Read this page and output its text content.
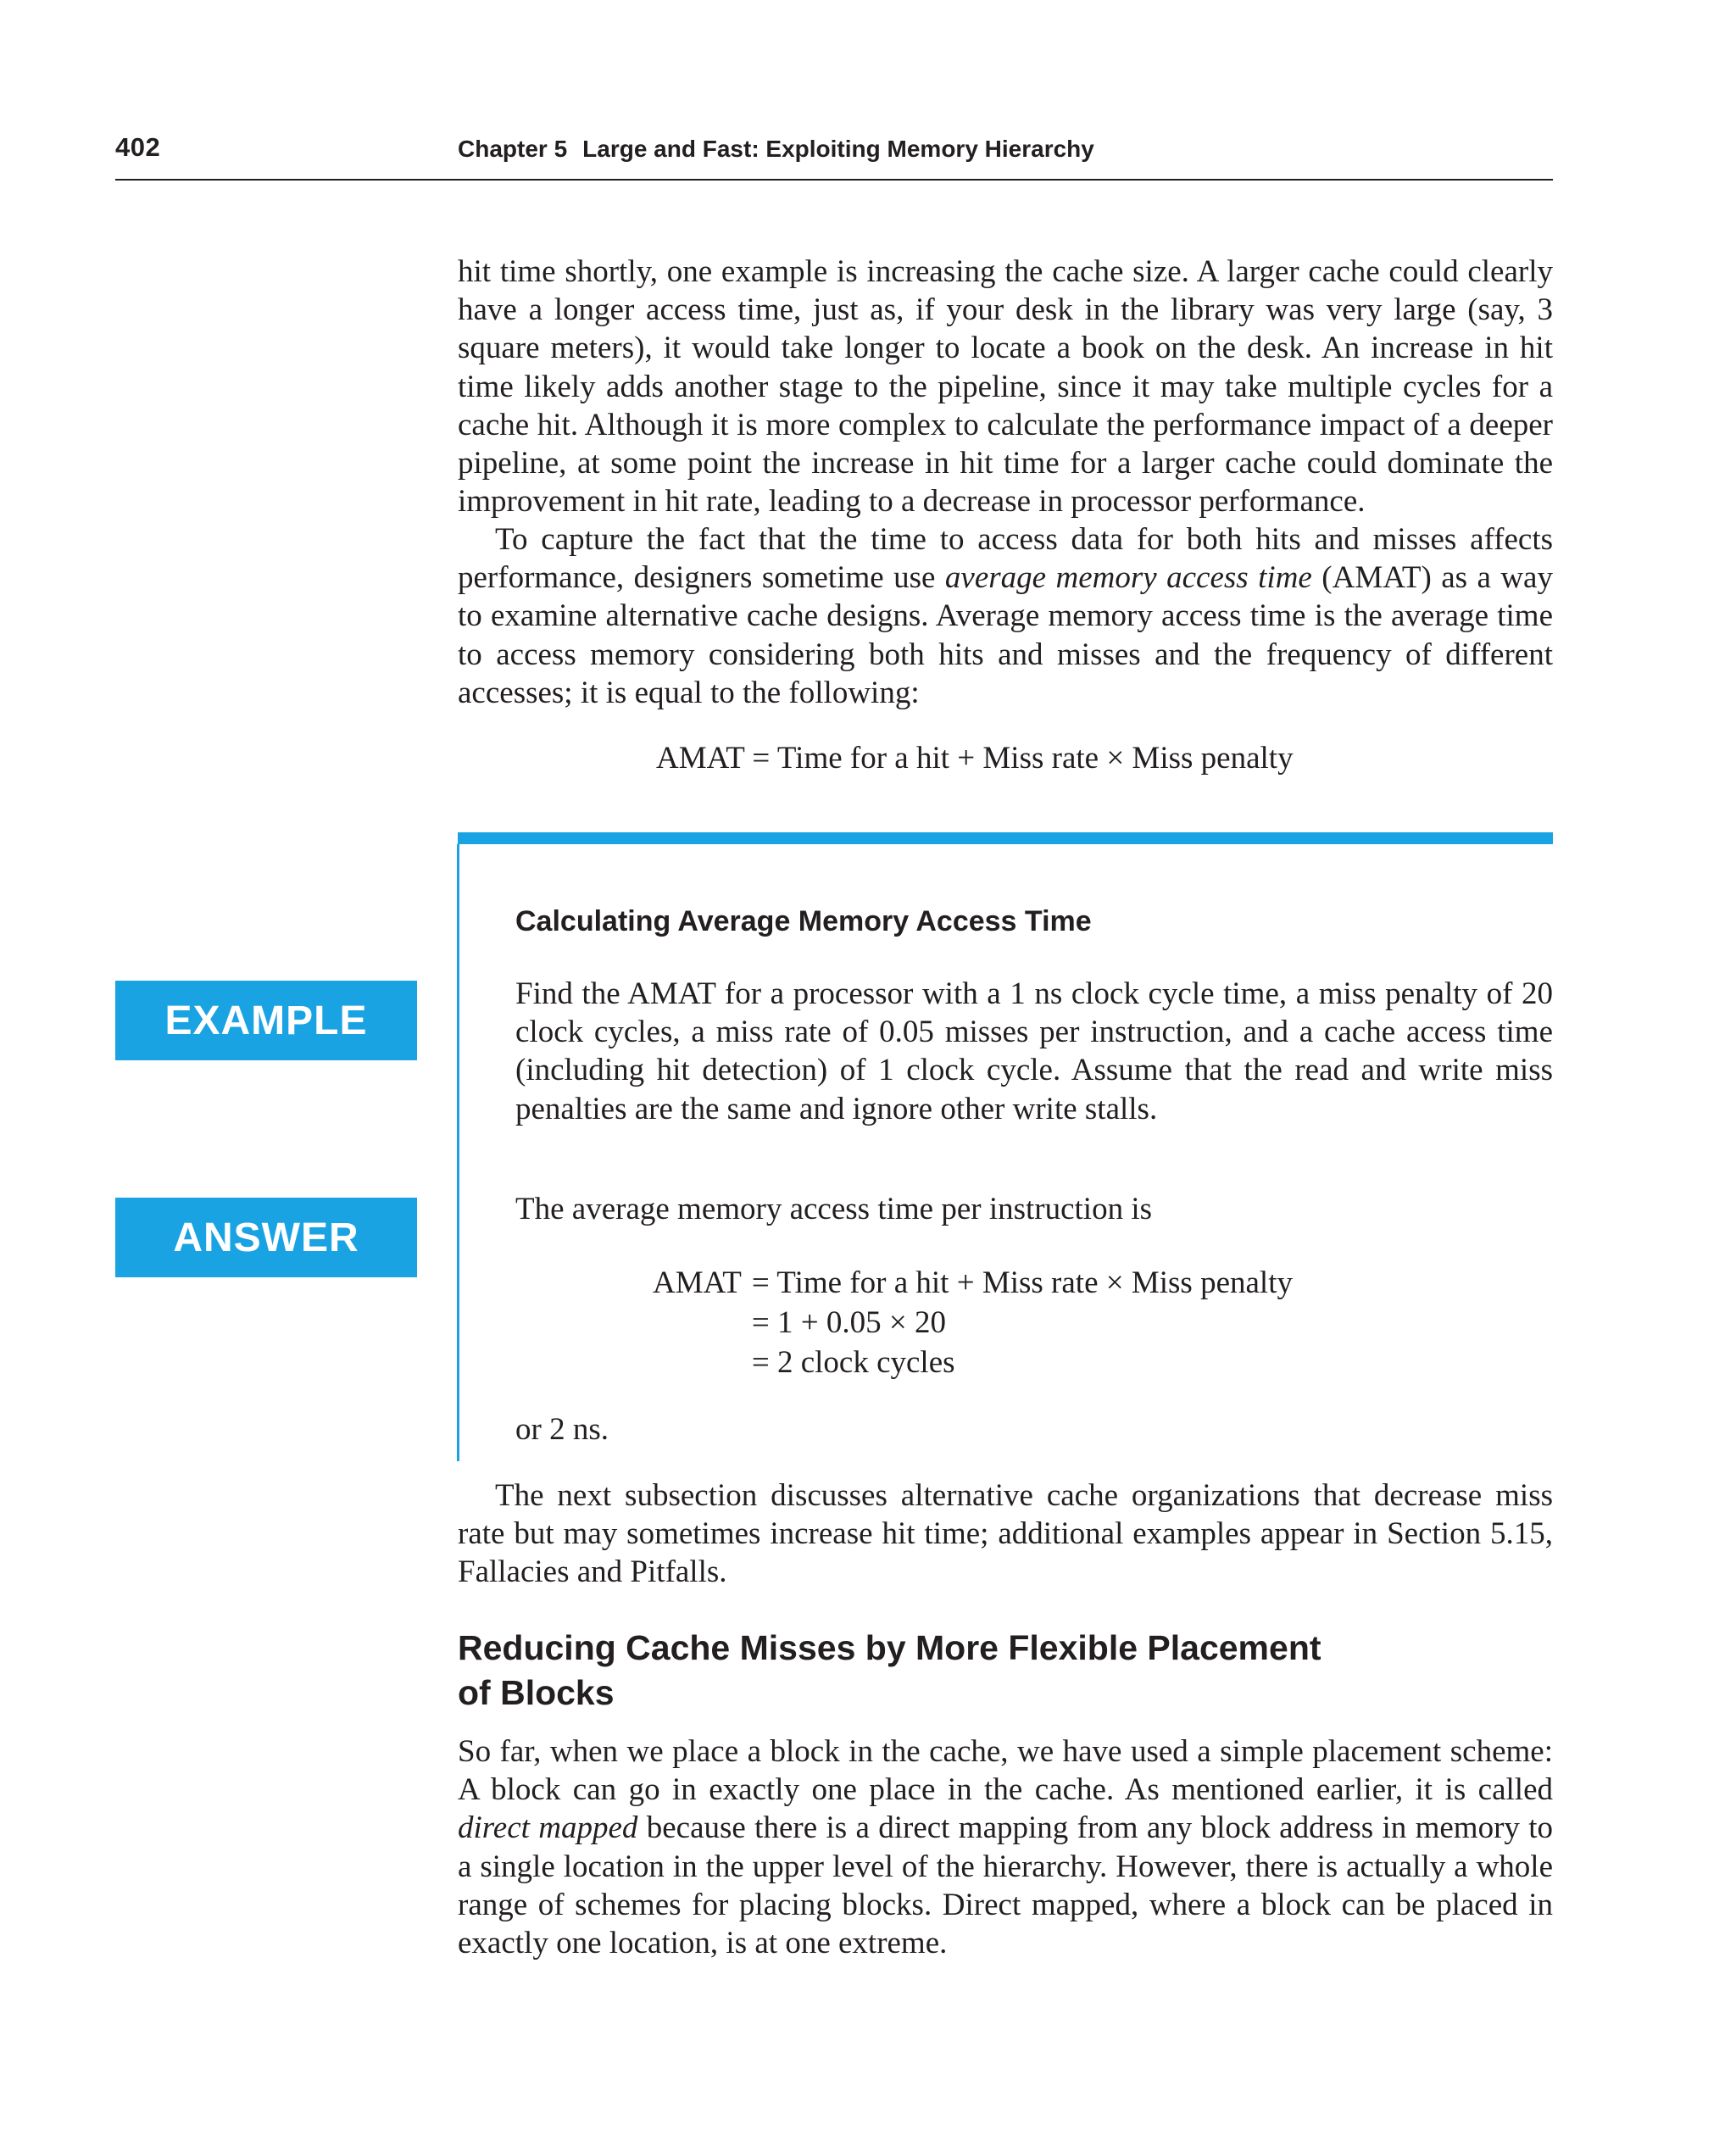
402	Chapter 5 Large and Fast: Exploiting Memory Hierarchy

hit time shortly, one example is increasing the cache size. A larger cache could clearly have a longer access time, just as, if your desk in the library was very large (say, 3 square meters), it would take longer to locate a book on the desk. An increase in hit time likely adds another stage to the pipeline, since it may take multiple cycles for a cache hit. Although it is more complex to calculate the performance impact of a deeper pipeline, at some point the increase in hit time for a larger cache could dominate the improvement in hit rate, leading to a decrease in processor performance.

To capture the fact that the time to access data for both hits and misses affects performance, designers sometime use average memory access time (AMAT) as a way to examine alternative cache designs. Average memory access time is the average time to access memory considering both hits and misses and the frequency of different accesses; it is equal to the following:

AMAT = Time for a hit + Miss rate × Miss penalty
Calculating Average Memory Access Time
EXAMPLE

Find the AMAT for a processor with a 1 ns clock cycle time, a miss penalty of 20 clock cycles, a miss rate of 0.05 misses per instruction, and a cache access time (including hit detection) of 1 clock cycle. Assume that the read and write miss penalties are the same and ignore other write stalls.

ANSWER

The average memory access time per instruction is

AMAT	= Time for a hit + Miss rate × Miss penalty
	= 1 + 0.05 × 20
	= 2 clock cycles

or 2 ns.

The next subsection discusses alternative cache organizations that decrease miss rate but may sometimes increase hit time; additional examples appear in Section 5.15, Fallacies and Pitfalls.

Reducing Cache Misses by More Flexible Placement
of Blocks

So far, when we place a block in the cache, we have used a simple placement scheme: A block can go in exactly one place in the cache. As mentioned earlier, it is called direct mapped because there is a direct mapping from any block address in memory to a single location in the upper level of the hierarchy. However, there is actually a whole range of schemes for placing blocks. Direct mapped, where a block can be placed in exactly one location, is at one extreme.
